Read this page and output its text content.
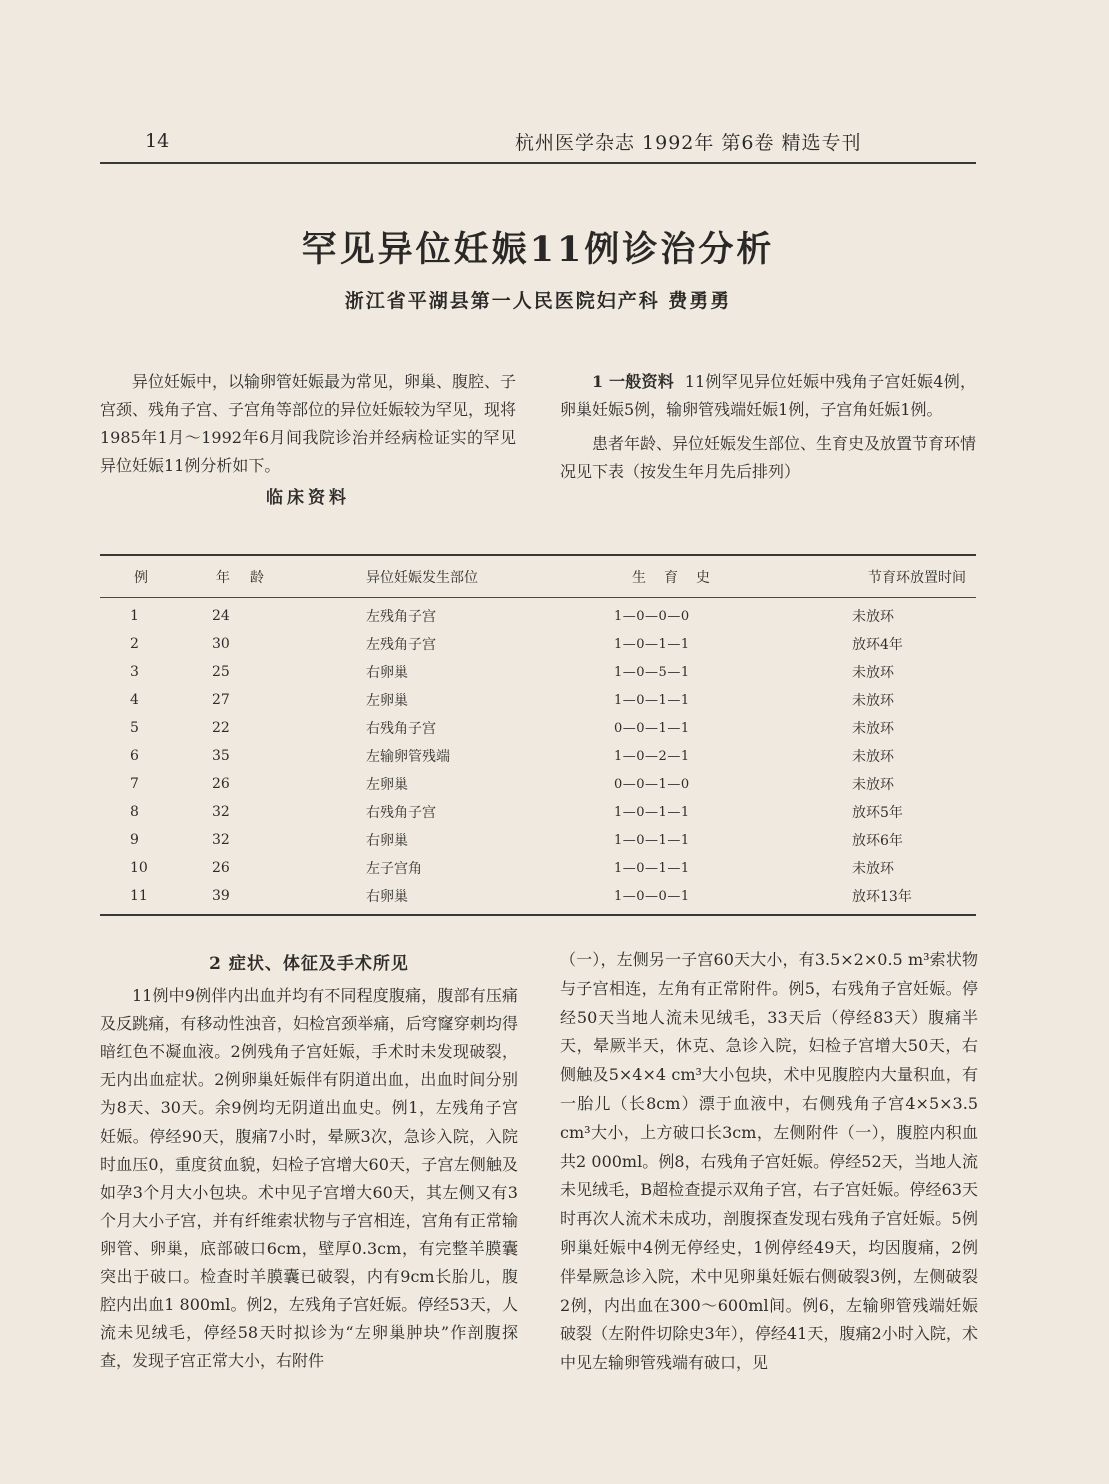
14	杭州医学杂志 1992年 第6卷 精选专刊
罕见异位妊娠11例诊治分析
浙江省平湖县第一人民医院妇产科 费勇勇

异位妊娠中，以输卵管妊娠最为常见，卵巢、腹腔、子宫颈、残角子宫、子宫角等部位的异位妊娠较为罕见，现将1985年1月～1992年6月间我院诊治并经病检证实的罕见异位妊娠11例分析如下。

临床资料

1 一般资料 11例罕见异位妊娠中残角子宫妊娠4例，卵巢妊娠5例，输卵管残端妊娠1例，子宫角妊娠1例。

患者年龄、异位妊娠发生部位、生育史及放置节育环情况见下表（按发生年月先后排列）

例	年龄	异位妊娠发生部位	生育史	节育环放置时间
1	24	左残角子宫	1—0—0—0	未放环
2	30	左残角子宫	1—0—1—1	放环4年
3	25	右卵巢	1—0—5—1	未放环
4	27	左卵巢	1—0—1—1	未放环
5	22	右残角子宫	0—0—1—1	未放环
6	35	左输卵管残端	1—0—2—1	未放环
7	26	左卵巢	0—0—1—0	未放环
8	32	右残角子宫	1—0—1—1	放环5年
9	32	右卵巢	1—0—1—1	放环6年
10	26	左子宫角	1—0—1—1	未放环
11	39	右卵巢	1—0—0—1	放环13年
2 症状、体征及手术所见

11例中9例伴内出血并均有不同程度腹痛，腹部有压痛及反跳痛，有移动性浊音，妇检宫颈举痛，后穹窿穿刺均得暗红色不凝血液。2例残角子宫妊娠，手术时未发现破裂，无内出血症状。2例卵巢妊娠伴有阴道出血，出血时间分别为8天、30天。余9例均无阴道出血史。例1，左残角子宫妊娠。停经90天，腹痛7小时，晕厥3次，急诊入院，入院时血压0，重度贫血貌，妇检子宫增大60天，子宫左侧触及如孕3个月大小包块。术中见子宫增大60天，其左侧又有3个月大小子宫，并有纤维索状物与子宫相连，宫角有正常输卵管、卵巢，底部破口6cm，壁厚0.3cm，有完整羊膜囊突出于破口。检查时羊膜囊已破裂，内有9cm长胎儿，腹腔内出血1 800ml。例2，左残角子宫妊娠。停经53天，人流未见绒毛，停经58天时拟诊为“左卵巢肿块”作剖腹探查，发现子宫正常大小，右附件

（一），左侧另一子宫60天大小，有3.5×2×0.5 m³索状物与子宫相连，左角有正常附件。例5，右残角子宫妊娠。停经50天当地人流未见绒毛，33天后（停经83天）腹痛半天，晕厥半天，休克、急诊入院，妇检子宫增大50天，右侧触及5×4×4 cm³大小包块，术中见腹腔内大量积血，有一胎儿（长8cm）漂于血液中，右侧残角子宫4×5×3.5 cm³大小，上方破口长3cm，左侧附件（一），腹腔内积血共2 000ml。例8，右残角子宫妊娠。停经52天，当地人流未见绒毛，B超检查提示双角子宫，右子宫妊娠。停经63天时再次人流术未成功，剖腹探查发现右残角子宫妊娠。5例卵巢妊娠中4例无停经史，1例停经49天，均因腹痛，2例伴晕厥急诊入院，术中见卵巢妊娠右侧破裂3例，左侧破裂2例，内出血在300～600ml间。例6，左输卵管残端妊娠破裂（左附件切除史3年），停经41天，腹痛2小时入院，术中见左输卵管残端有破口，见
